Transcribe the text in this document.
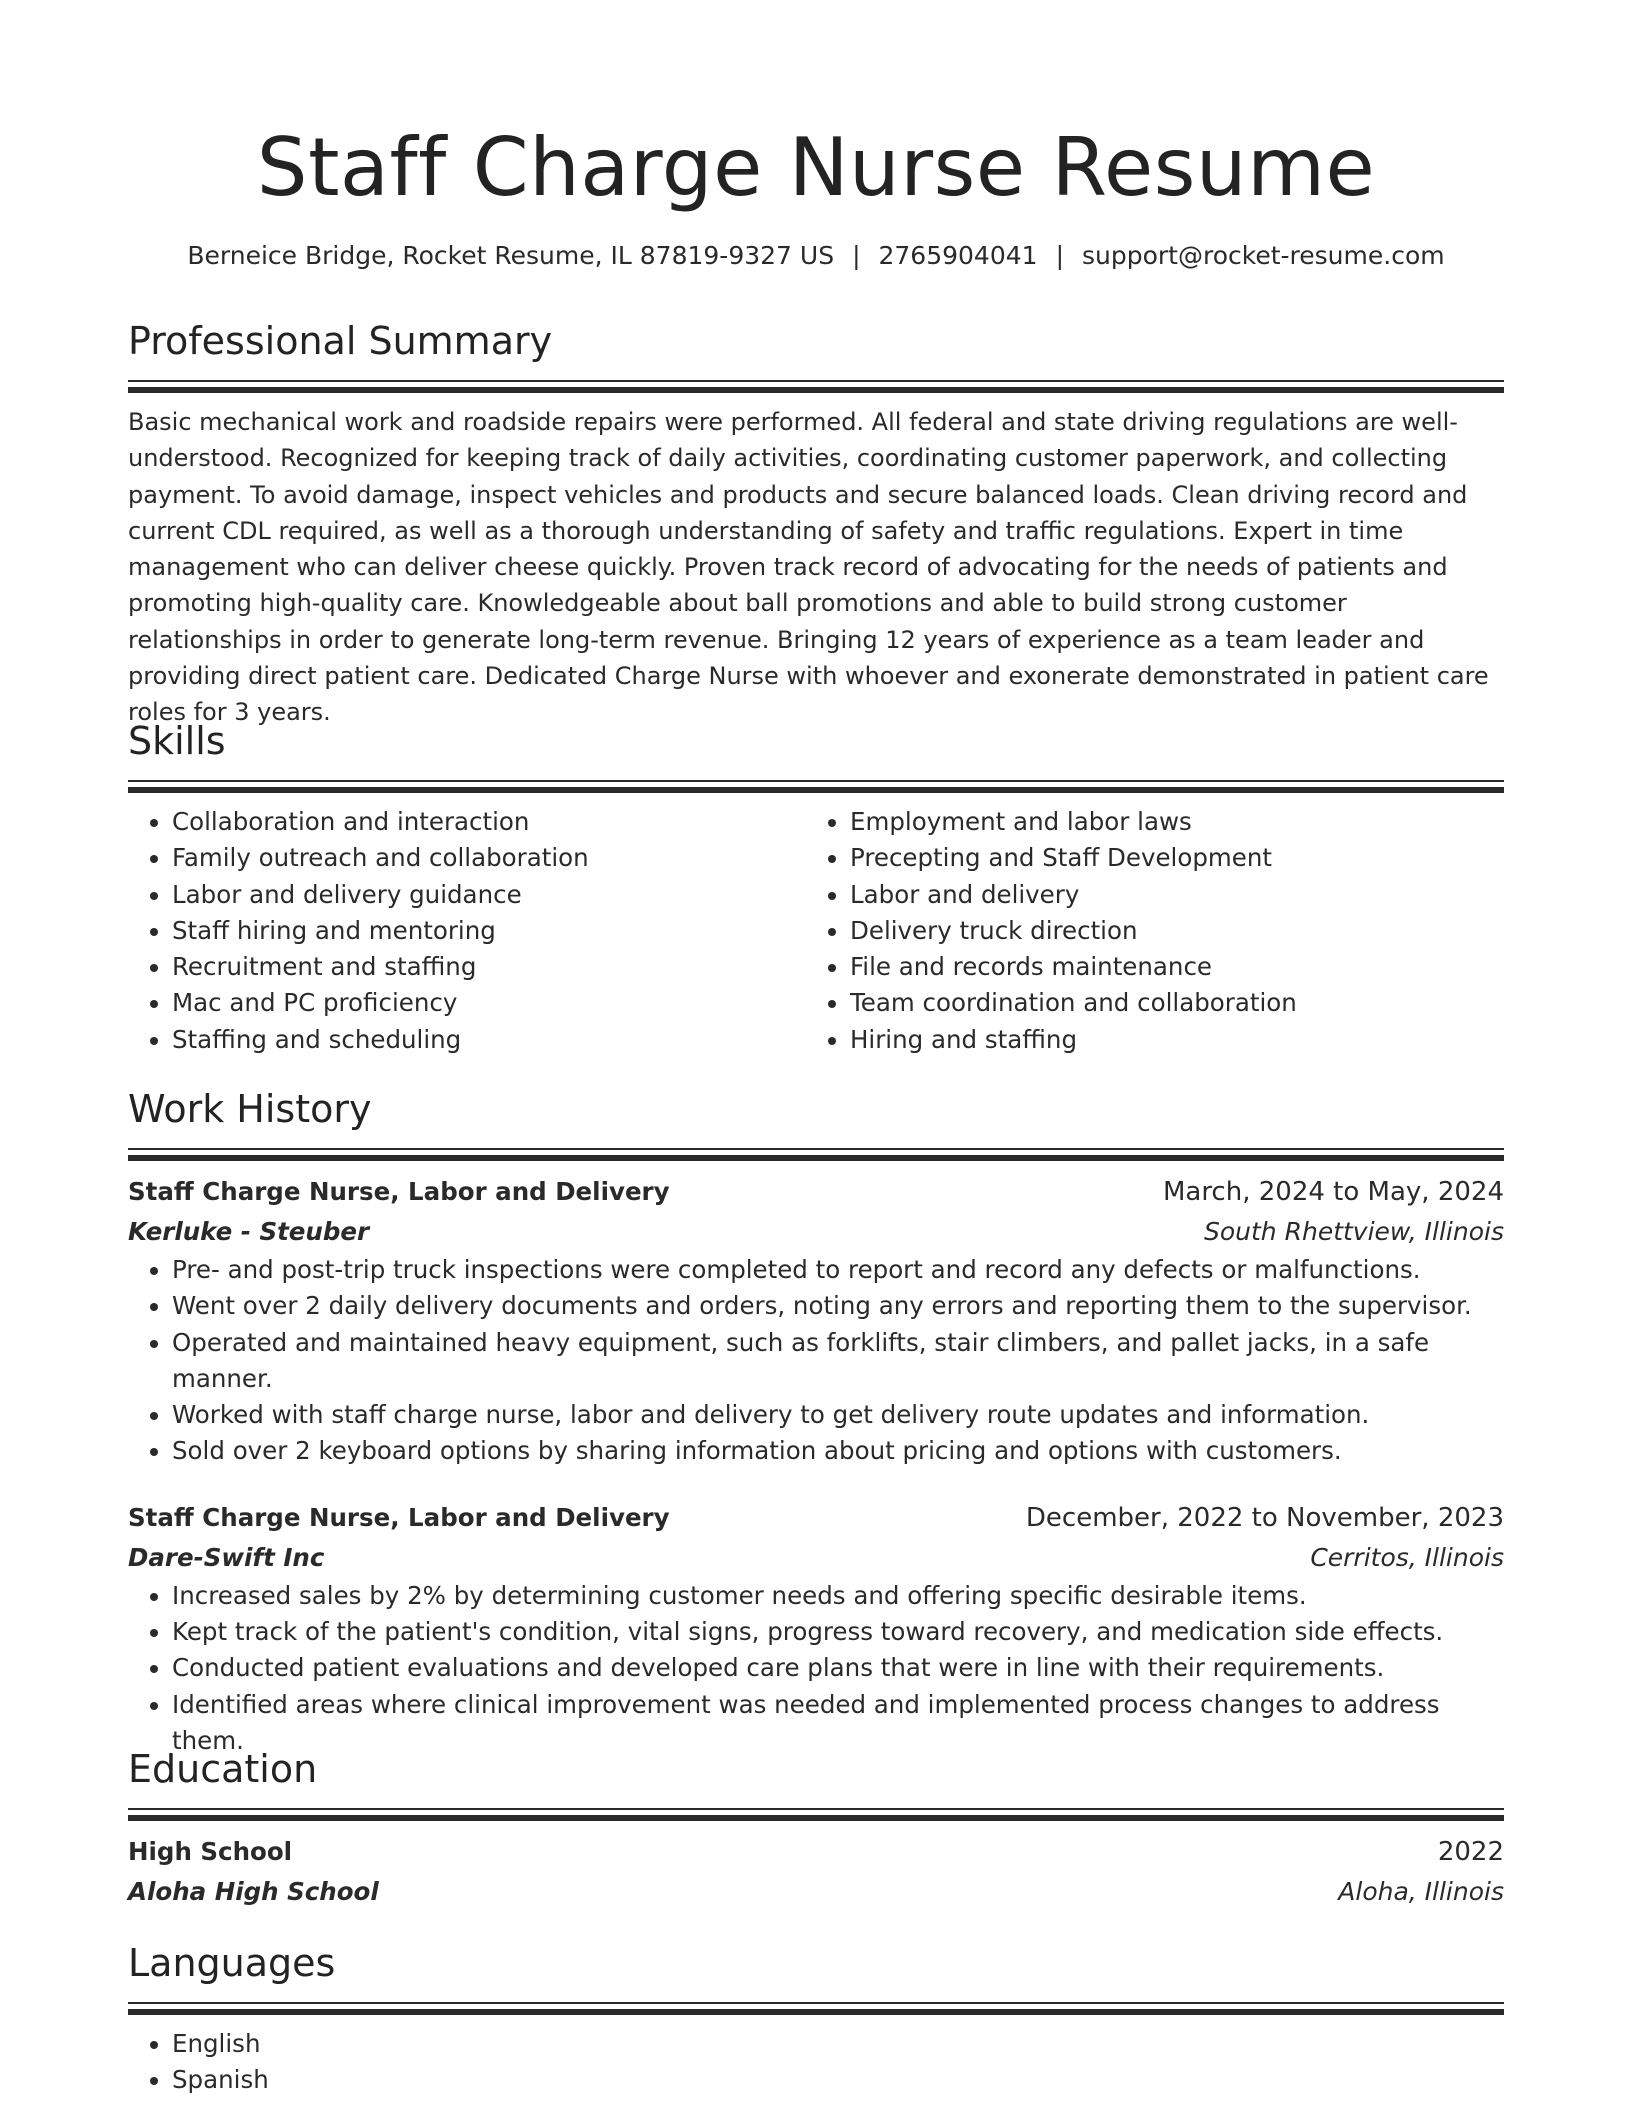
Staff Charge Nurse Resume
Berneice Bridge, Rocket Resume, IL 87819-9327 US | 2765904041 | support@rocket-resume.com
Professional Summary

Basic mechanical work and roadside repairs were performed. All federal and state driving regulations are well-understood. Recognized for keeping track of daily activities, coordinating customer paperwork, and collecting payment. To avoid damage, inspect vehicles and products and secure balanced loads. Clean driving record and current CDL required, as well as a thorough understanding of safety and traffic regulations. Expert in time management who can deliver cheese quickly. Proven track record of advocating for the needs of patients and promoting high-quality care. Knowledgeable about ball promotions and able to build strong customer relationships in order to generate long-term revenue. Bringing 12 years of experience as a team leader and providing direct patient care. Dedicated Charge Nurse with whoever and exonerate demonstrated in patient care roles for 3 years.

Skills
• Collaboration and interaction
• Family outreach and collaboration
• Labor and delivery guidance
• Staff hiring and mentoring
• Recruitment and staffing
• Mac and PC proficiency
• Staffing and scheduling
• Employment and labor laws
• Precepting and Staff Development
• Labor and delivery
• Delivery truck direction
• File and records maintenance
• Team coordination and collaboration
• Hiring and staffing
Work History
Staff Charge Nurse, Labor and Delivery	March, 2024 to May, 2024
Kerluke - Steuber	South Rhettview, Illinois
• Pre- and post-trip truck inspections were completed to report and record any defects or malfunctions.
• Went over 2 daily delivery documents and orders, noting any errors and reporting them to the supervisor.
• Operated and maintained heavy equipment, such as forklifts, stair climbers, and pallet jacks, in a safe manner.
• Worked with staff charge nurse, labor and delivery to get delivery route updates and information.
• Sold over 2 keyboard options by sharing information about pricing and options with customers.
Staff Charge Nurse, Labor and Delivery	December, 2022 to November, 2023
Dare-Swift Inc	Cerritos, Illinois
• Increased sales by 2% by determining customer needs and offering specific desirable items.
• Kept track of the patient's condition, vital signs, progress toward recovery, and medication side effects.
• Conducted patient evaluations and developed care plans that were in line with their requirements.
• Identified areas where clinical improvement was needed and implemented process changes to address them.
Education
High School	2022
Aloha High School	Aloha, Illinois
Languages
• English
• Spanish
